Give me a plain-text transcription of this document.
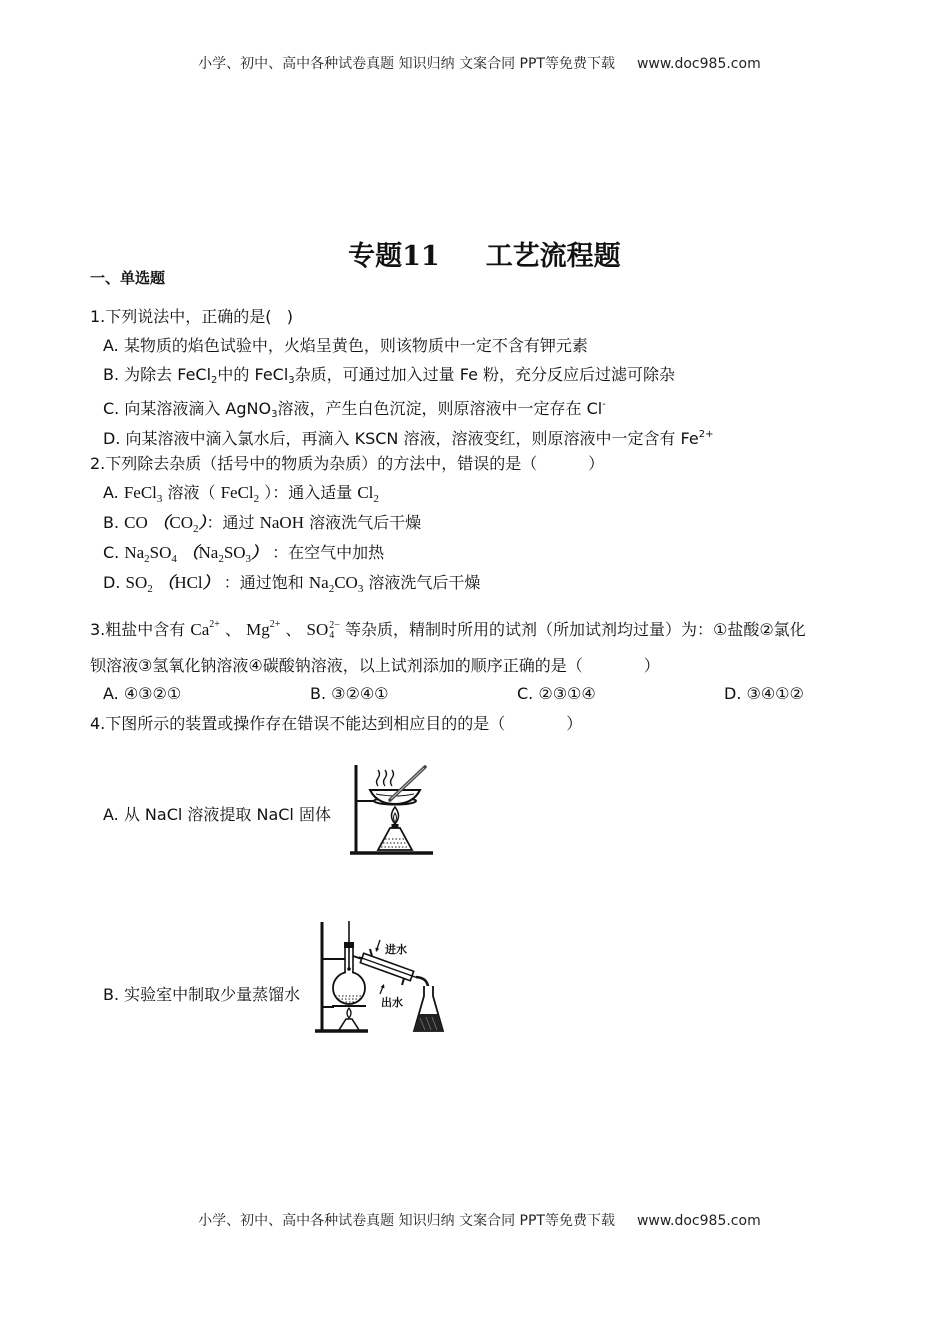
小学、初中、高中各种试卷真题 知识归纳 文案合同 PPT等免费下载 www.doc985.com

专题11 工艺流程题

一、单选题
1.下列说法中，正确的是(   )
A. 某物质的焰色试验中，火焰呈黄色，则该物质中一定不含有钾元素
B. 为除去 FeCl$_2$中的 FeCl$_3$杂质，可通过加入过量 Fe 粉，充分反应后过滤可除杂
C. 向某溶液滴入 AgNO$_3$溶液，产生白色沉淀，则原溶液中一定存在 Cl-
D. 向某溶液中滴入氯水后，再滴入 KSCN 溶液，溶液变红，则原溶液中一定含有 $Fe^{2+}$
2.下列除去杂质（括号中的物质为杂质）的方法中，错误的是（          ）
A. FeCl$_3$ 溶液（ FeCl$_2$ ）：通入适量 $Cl_2$
B. CO $(CO_2)$：通过 NaOH 溶液洗气后干燥
C. $Na_2SO_4$ $(Na_2SO_3)$ ：在空气中加热
D. $SO_2$ （HCl） ：通过饱和 $Na_2CO_3$ 溶液洗气后干燥
3.粗盐中含有 $Ca^{2+}$ 、 $Mg^{2+}$ 、 SO 2−
4 等杂质，精制时所用的试剂（所加试剂均过量）为：①盐酸②氯化
钡溶液③氢氧化钠溶液④碳酸钠溶液，以上试剂添加的顺序正确的是（            ）
A. ④③②①	B. ③②④①	C. ②③①④	D. ③④①②
4.下图所示的装置或操作存在错误不能达到相应目的的是（            ）
A. 从 NaCl 溶液提取 NaCl 固体
B. 实验室中制取少量蒸馏水
进水
出水

小学、初中、高中各种试卷真题 知识归纳 文案合同 PPT等免费下载 www.doc985.com
